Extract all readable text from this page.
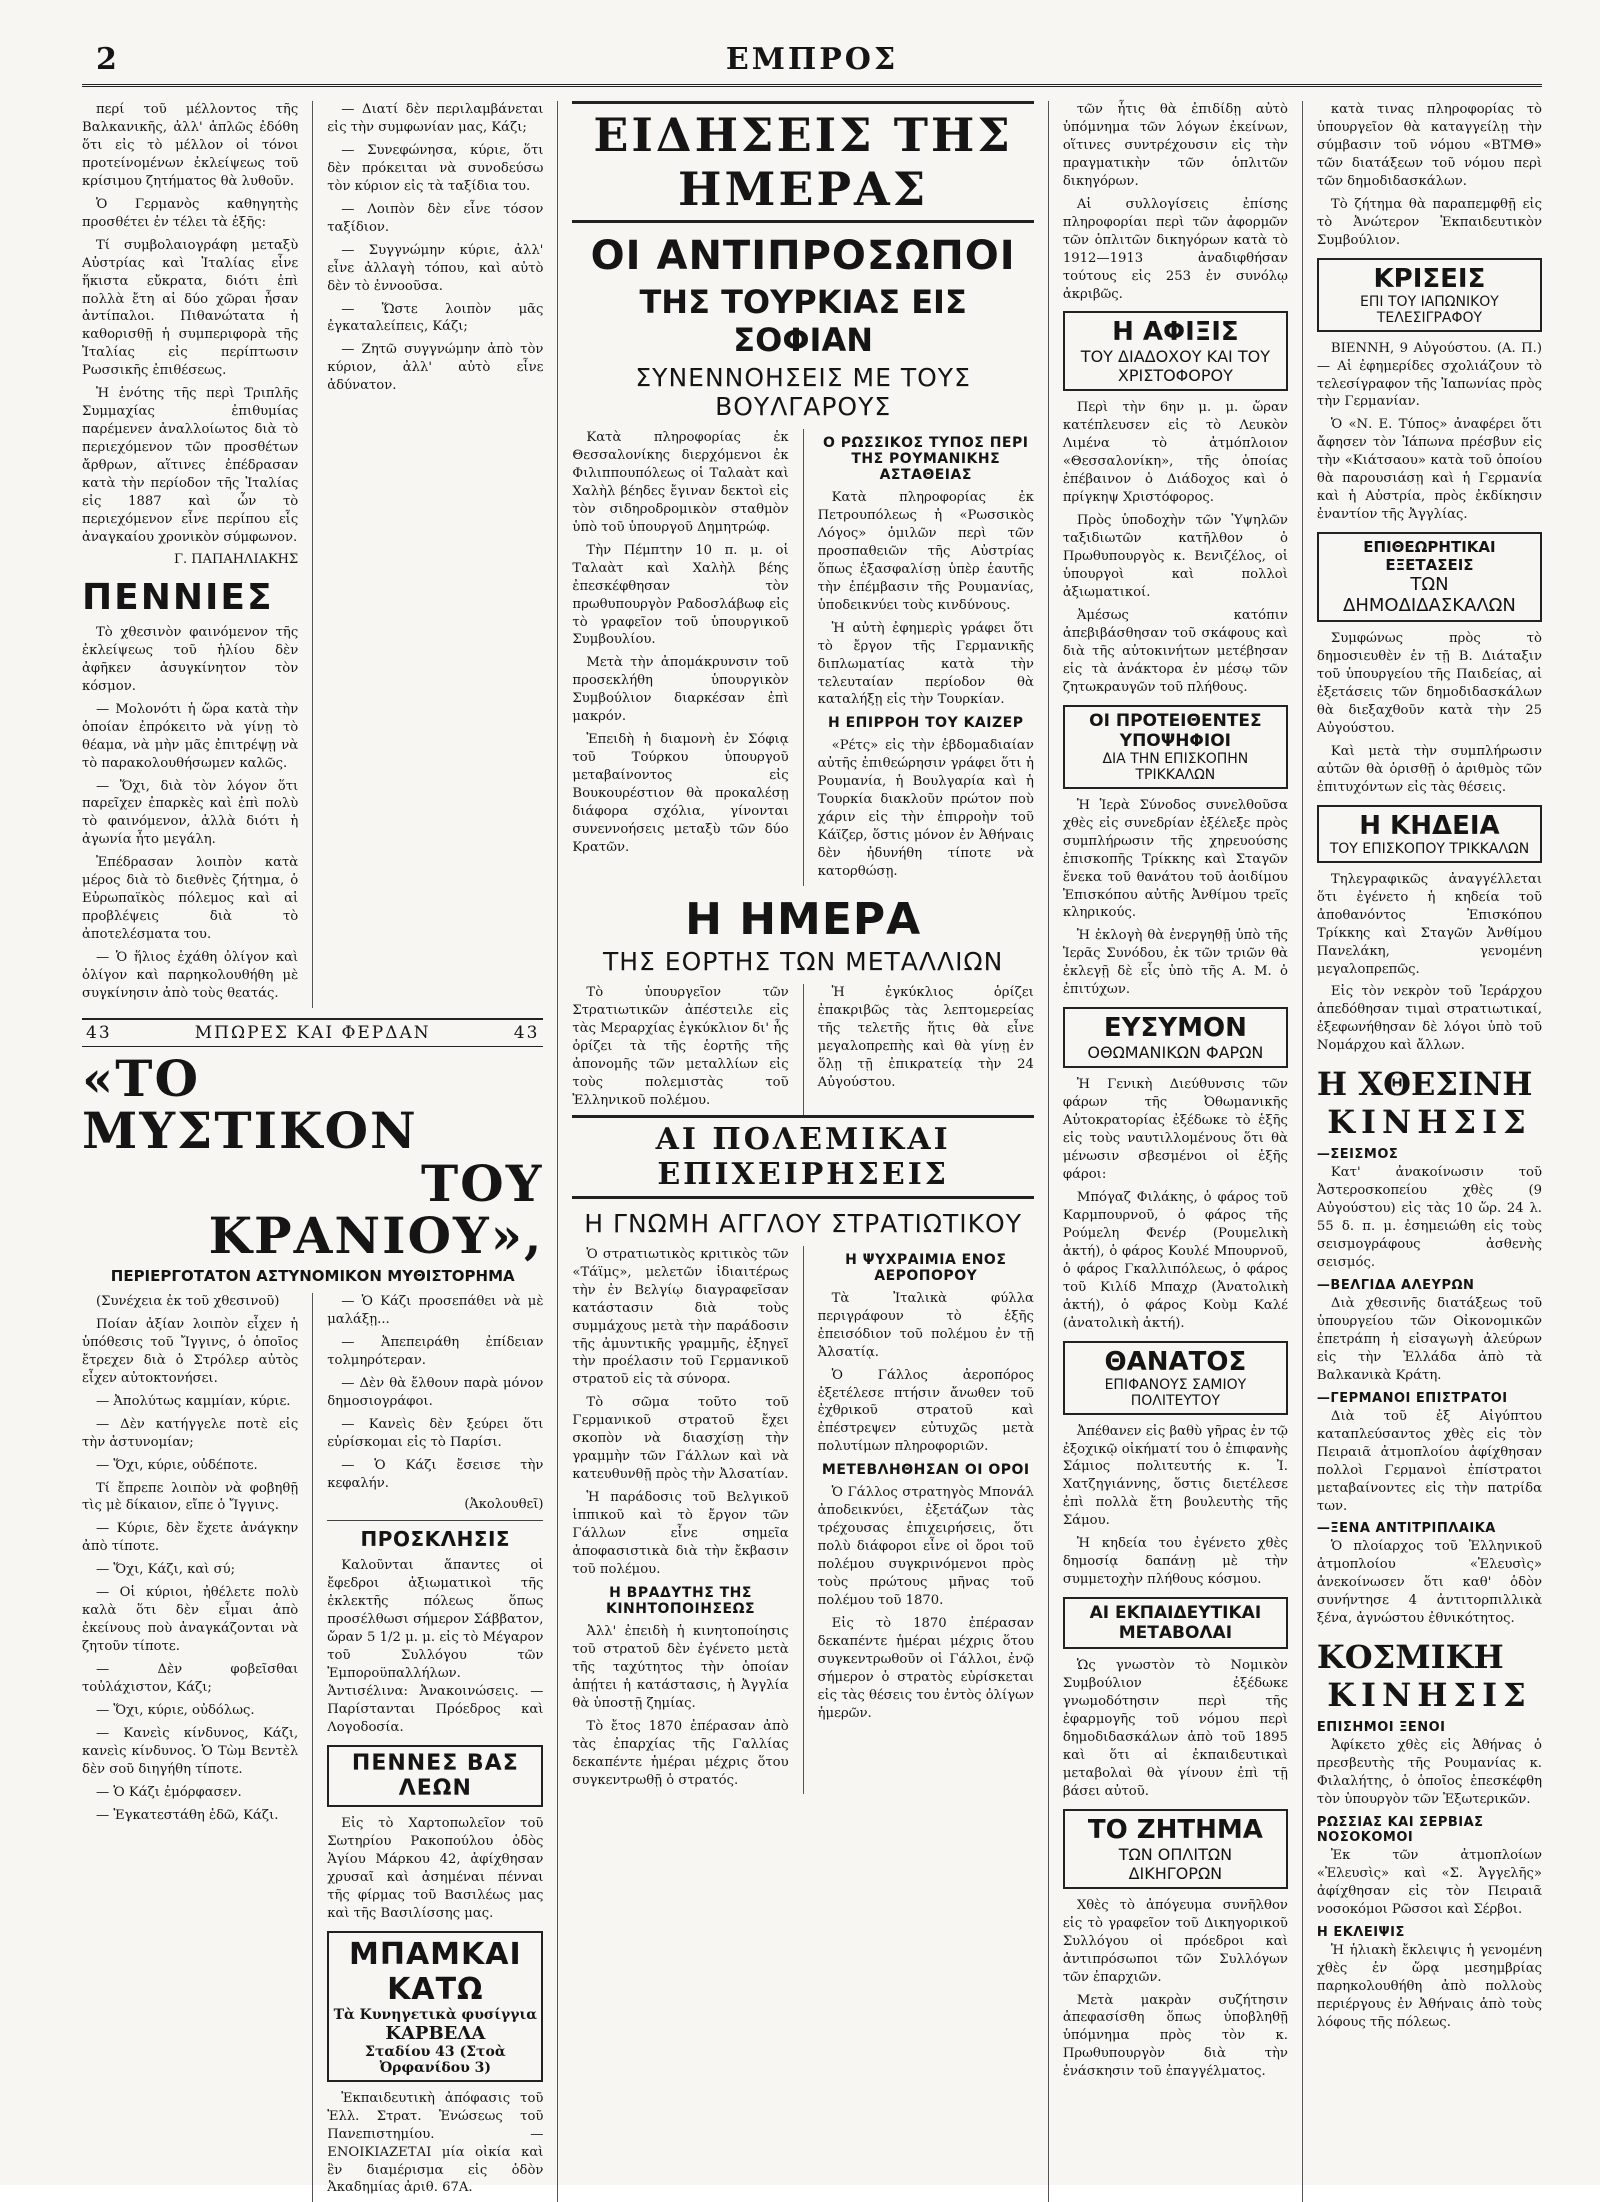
2	ΕΜΠΡΟΣ

περί τοῦ μέλλοντος τῆς Βαλκανικῆς, ἀλλ' ἁπλῶς ἐδόθη ὅτι εἰς τὸ μέλλον οἱ τόνοι προτείνομένων ἐκλείψεως τοῦ κρίσιμου ζητήματος θὰ λυθοῦν.

Ὁ Γερμανὸς καθηγητὴς προσθέτει ἐν τέλει τὰ ἑξῆς:

Τί συμβολαιογράφη μεταξὺ Αὐστρίας καὶ Ἰταλίας εἶνε ἥκιστα εὔκρατα, διότι ἐπὶ πολλὰ ἔτη αἱ δύο χῶραι ἦσαν ἀντίπαλοι. Πιθανώτατα ἡ καθορισθῇ ἡ συμπεριφορὰ τῆς Ἰταλίας εἰς περίπτωσιν Ρωσσικῆς ἐπιθέσεως.

Ἡ ἑνότης τῆς περὶ Τριπλῆς Συμμαχίας ἐπιθυμίας παρέμενεν ἀναλλοίωτος διὰ τὸ περιεχόμενον τῶν προσθέτων ἄρθρων, αἵτινες ἐπέδρασαν κατὰ τὴν περίοδον τῆς Ἰταλίας εἰς 1887 καὶ ὧν τὸ περιεχόμενον εἶνε περίπου εἷς ἀναγκαίου χρονικὸν σύμφωνον.

Γ. ΠΑΠΑΗΛΙΑΚΗΣ
ΠΕΝΝΙΕΣ

Τὸ χθεσινὸν φαινόμενον τῆς ἐκλείψεως τοῦ ἡλίου δὲν ἀφῆκεν ἀσυγκίνητον τὸν κόσμον.

— Μολονότι ἡ ὥρα κατὰ τὴν ὁποίαν ἐπρόκειτο νὰ γίνῃ τὸ θέαμα, νὰ μὴν μᾶς ἐπιτρέψῃ νὰ τὸ παρακολουθήσωμεν καλῶς.

— Ὅχι, διὰ τὸν λόγον ὅτι παρεῖχεν ἐπαρκὲς καὶ ἐπὶ πολὺ τὸ φαινόμενον, ἀλλὰ διότι ἡ ἀγωνία ἦτο μεγάλη.

Ἐπέδρασαν λοιπὸν κατὰ μέρος διὰ τὸ διεθνὲς ζήτημα, ὁ Εὐρωπαϊκὸς πόλεμος καὶ αἱ προβλέψεις διὰ τὸ ἀποτελέσματα του.

— Ὁ ἥλιος ἐχάθη ὀλίγον καὶ ὀλίγον καὶ παρηκολουθήθη μὲ συγκίνησιν ἀπὸ τοὺς θεατάς.

— Διατί δὲν περιλαμβάνεται εἰς τὴν συμφωνίαν μας, Κάζι;

— Συνεφώνησα, κύριε, ὅτι δὲν πρόκειται νὰ συνοδεύσω τὸν κύριον εἰς τὰ ταξίδια του.

— Λοιπὸν δὲν εἶνε τόσον ταξίδιον.

— Συγγνώμην κύριε, ἀλλ' εἶνε ἀλλαγὴ τόπου, καὶ αὐτὸ δὲν τὸ ἐννοοῦσα.

— Ὥστε λοιπὸν μᾶς ἐγκαταλείπεις, Κάζι;

— Ζητῶ συγγνώμην ἀπὸ τὸν κύριον, ἀλλ' αὐτὸ εἶνε ἀδύνατον.

43	ΜΠΩΡΕΣ ΚΑΙ ΦΕΡΔΑΝ	43
«ΤΟ ΜΥΣΤΙΚΟΝ
ΤΟΥ ΚΡΑΝΙΟΥ»,
ΠΕΡΙΕΡΓΟΤΑΤΟΝ ΑΣΤΥΝΟΜΙΚΟΝ ΜΥΘΙΣΤΟΡΗΜΑ

(Συνέχεια ἐκ τοῦ χθεσινοῦ)

Ποίαν ἀξίαν λοιπὸν εἶχεν ἡ ὑπόθεσις τοῦ Ἴγγινς, ὁ ὁποῖος ἔτρεχεν διὰ ὁ Στρόλερ αὐτὸς εἶχεν αὐτοκτονήσει.

— Ἀπολύτως καμμίαν, κύριε.

— Δὲν κατήγγελε ποτὲ εἰς τὴν ἀστυνομίαν;

— Ὅχι, κύριε, οὐδέποτε.

Τί ἔπρεπε λοιπὸν νὰ φοβηθῇ τὶς μὲ δίκαιον, εἴπε ὁ Ἴγγινς.

— Κύριε, δὲν ἔχετε ἀνάγκην ἀπὸ τίποτε.

— Ὅχι, Κάζι, καὶ σύ;

— Οἱ κύριοι, ἠθέλετε πολὺ καλὰ ὅτι δὲν εἶμαι ἀπὸ ἐκείνους ποὺ ἀναγκάζονται νὰ ζητοῦν τίποτε.

— Δὲν φοβεῖσθαι τοὐλάχιστον, Κάζι;

— Ὅχι, κύριε, οὐδόλως.

— Κανεὶς κίνδυνος, Κάζι, κανεὶς κίνδυνος. Ὁ Τὼμ Βεντὲλ δὲν σοῦ διηγήθη τίποτε.

— Ὁ Κάζι ἐμόρφασεν.

— Ἐγκατεστάθη ἐδῶ, Κάζι.

— Ὁ Κάζι προσεπάθει νὰ μὲ μαλάξῃ...

— Ἀπεπειράθη ἐπίδειαν τολμηρότεραν.

— Δὲν θὰ ἔλθουν παρὰ μόνον δημοσιογράφοι.

— Κανεὶς δὲν ξεύρει ὅτι εὑρίσκομαι εἰς τὸ Παρίσι.

— Ὁ Κάζι ἔσεισε τὴν κεφαλήν.

(Ἀκολουθεῖ)
ΠΡΟΣΚΛΗΣΙΣ

Καλοῦνται ἅπαντες οἱ ἔφεδροι ἀξιωματικοὶ τῆς ἐκλεκτῆς πόλεως ὅπως προσέλθωσι σήμερον Σάββατον, ὥραν 5 1/2 μ. μ. εἰς τὸ Μέγαρον τοῦ Συλλόγου τῶν Ἐμποροϋπαλλήλων. Ἀντισέλινα: Ἀνακοινώσεις. — Παρίστανται Πρόεδρος καὶ Λογοδοσία.

ΠΕΝΝΕΣ ΒΑΣ ΛΕΩΝ

Εἰς τὸ Χαρτοπωλεῖον τοῦ Σωτηρίου Ρακοπούλου ὁδὸς Ἁγίου Μάρκου 42, ἀφίχθησαν χρυσαῖ καὶ ἀσημέναι πένναι τῆς φίρμας τοῦ Βασιλέως μας καὶ τῆς Βασιλίσσης μας.

ΜΠΑΜΚΑΙ ΚΑΤΩ
Τὰ Κυνηγετικὰ φυσίγγια
ΚΑΡΒΕΛΑ
Σταδίου 43 (Στοὰ Ὀρφανίδου 3)

Ἐκπαιδευτικὴ ἀπόφασις τοῦ Ἐλλ. Στρατ. Ἑνώσεως τοῦ Πανεπιστημίου. — ΕΝΟΙΚΙΑΖΕΤΑΙ μία οἰκία καὶ ἓν διαμέρισμα εἰς ὁδὸν Ἀκαδημίας ἀριθ. 67Α.

ΕΙΔΗΣΕΙΣ ΤΗΣ ΗΜΕΡΑΣ
ΟΙ ΑΝΤΙΠΡΟΣΩΠΟΙ
ΤΗΣ ΤΟΥΡΚΙΑΣ ΕΙΣ ΣΟΦΙΑΝ
ΣΥΝΕΝΝΟΗΣΕΙΣ ΜΕ ΤΟΥΣ ΒΟΥΛΓΑΡΟΥΣ

Κατὰ πληροφορίας ἐκ Θεσσαλονίκης διερχόμενοι ἐκ Φιλιππουπόλεως οἱ Ταλαὰτ καὶ Χαλὴλ βέηδες ἔγιναν δεκτοὶ εἰς τὸν σιδηροδρομικὸν σταθμὸν ὑπὸ τοῦ ὑπουργοῦ Δημητρώφ.

Τὴν Πέμπτην 10 π. μ. οἱ Ταλαὰτ καὶ Χαλὴλ βέης ἐπεσκέφθησαν τὸν πρωθυπουργὸν Ραδοσλάβωφ εἰς τὸ γραφεῖον τοῦ ὑπουργικοῦ Συμβουλίου.

Μετὰ τὴν ἀπομάκρυνσιν τοῦ προσεκλήθη ὑπουργικὸν Συμβούλιον διαρκέσαν ἐπὶ μακρόν.

Ἐπειδὴ ἡ διαμονὴ ἐν Σόφιᾳ τοῦ Τούρκου ὑπουργοῦ μεταβαίνοντος εἰς Βουκουρέστιον θὰ προκαλέσῃ διάφορα σχόλια, γίνονται συνεννοήσεις μεταξὺ τῶν δύο Κρατῶν.

Ο ΡΩΣΣΙΚΟΣ ΤΥΠΟΣ ΠΕΡΙ ΤΗΣ ΡΟΥΜΑΝΙΚΗΣ ΑΣΤΑΘΕΙΑΣ

Κατὰ πληροφορίας ἐκ Πετρουπόλεως ἡ «Ρωσσικὸς Λόγος» ὁμιλῶν περὶ τῶν προσπαθειῶν τῆς Αὐστρίας ὅπως ἐξασφαλίσῃ ὑπὲρ ἑαυτῆς τὴν ἐπέμβασιν τῆς Ρουμανίας, ὑποδεικνύει τοὺς κινδύνους.

Ἡ αὐτὴ ἐφημερὶς γράφει ὅτι τὸ ἔργον τῆς Γερμανικῆς διπλωματίας κατὰ τὴν τελευταίαν περίοδον θὰ καταλήξῃ εἰς τὴν Τουρκίαν.

Η ΕΠΙΡΡΟΗ ΤΟΥ ΚΑΙΖΕΡ

«Ρέτς» εἰς τὴν ἑβδομαδιαίαν αὐτῆς ἐπιθεώρησιν γράφει ὅτι ἡ Ρουμανία, ἡ Βουλγαρία καὶ ἡ Τουρκία διακλοῦν πρώτον ποὺ χάριν εἰς τὴν ἐπιρροὴν τοῦ Κάϊζερ, ὅστις μόνον ἐν Ἀθήναις δὲν ἠδυνήθη τίποτε νὰ κατορθώσῃ.

Η ΗΜΕΡΑ
ΤΗΣ ΕΟΡΤΗΣ ΤΩΝ ΜΕΤΑΛΛΙΩΝ

Τὸ ὑπουργεῖον τῶν Στρατιωτικῶν ἀπέστειλε εἰς τὰς Μεραρχίας ἐγκύκλιον δι' ἧς ὁρίζει τὰ τῆς ἑορτῆς τῆς ἀπονομῆς τῶν μεταλλίων εἰς τοὺς πολεμιστὰς τοῦ Ἑλληνικοῦ πολέμου.

Ἡ ἐγκύκλιος ὁρίζει ἐπακριβῶς τὰς λεπτομερείας τῆς τελετῆς ἥτις θὰ εἶνε μεγαλοπρεπὴς καὶ θὰ γίνῃ ἐν ὅλῃ τῇ ἐπικρατείᾳ τὴν 24 Αὐγούστου.

ΑΙ ΠΟΛΕΜΙΚΑΙ ΕΠΙΧΕΙΡΗΣΕΙΣ
Η ΓΝΩΜΗ ΑΓΓΛΟΥ ΣΤΡΑΤΙΩΤΙΚΟΥ

Ὁ στρατιωτικὸς κριτικὸς τῶν «Τάϊμς», μελετῶν ἰδιαιτέρως τὴν ἐν Βελγίῳ διαγραφεῖσαν κατάστασιν διὰ τοὺς συμμάχους μετὰ τὴν παράδοσιν τῆς ἀμυντικῆς γραμμῆς, ἐξηγεῖ τὴν προέλασιν τοῦ Γερμανικοῦ στρατοῦ εἰς τὰ σύνορα.

Τὸ σῶμα τοῦτο τοῦ Γερμανικοῦ στρατοῦ ἔχει σκοπὸν νὰ διασχίσῃ τὴν γραμμὴν τῶν Γάλλων καὶ νὰ κατευθυνθῇ πρὸς τὴν Ἀλσατίαν.

Ἡ παράδοσις τοῦ Βελγικοῦ ἱππικοῦ καὶ τὸ ἔργον τῶν Γάλλων εἶνε σημεῖα ἀποφασιστικὰ διὰ τὴν ἔκβασιν τοῦ πολέμου.

Η ΒΡΑΔΥΤΗΣ ΤΗΣ ΚΙΝΗΤΟΠΟΙΗΣΕΩΣ

Ἀλλ' ἐπειδὴ ἡ κινητοποίησις τοῦ στρατοῦ δὲν ἐγένετο μετὰ τῆς ταχύτητος τὴν ὁποίαν ἀπῄτει ἡ κατάστασις, ἡ Ἀγγλία θὰ ὑποστῇ ζημίας.

Τὸ ἔτος 1870 ἐπέρασαν ἀπὸ τὰς ἐπαρχίας τῆς Γαλλίας δεκαπέντε ἡμέραι μέχρις ὅτου συγκεντρωθῇ ὁ στρατός.

Η ΨΥΧΡΑΙΜΙΑ ΕΝΟΣ ΑΕΡΟΠΟΡΟΥ

Τὰ Ἰταλικὰ φύλλα περιγράφουν τὸ ἑξῆς ἐπεισόδιον τοῦ πολέμου ἐν τῇ Ἀλσατίᾳ.

Ὁ Γάλλος ἀεροπόρος ἐξετέλεσε πτήσιν ἄνωθεν τοῦ ἐχθρικοῦ στρατοῦ καὶ ἐπέστρεψεν εὐτυχῶς μετὰ πολυτίμων πληροφοριῶν.

ΜΕΤΕΒΛΗΘΗΣΑΝ ΟΙ ΟΡΟΙ

Ὁ Γάλλος στρατηγὸς Μπονάλ ἀποδεικνύει, ἐξετάζων τὰς τρέχουσας ἐπιχειρήσεις, ὅτι πολὺ διάφοροι εἶνε οἱ ὅροι τοῦ πολέμου συγκρινόμενοι πρὸς τοὺς πρώτους μῆνας τοῦ πολέμου τοῦ 1870.

Εἰς τὸ 1870 ἐπέρασαν δεκαπέντε ἡμέραι μέχρις ὅτου συγκεντρωθοῦν οἱ Γάλλοι, ἐνῷ σήμερον ὁ στρατὸς εὑρίσκεται εἰς τὰς θέσεις του ἐντὸς ὀλίγων ἡμερῶν.

τῶν ἧτις θὰ ἐπιδίδῃ αὐτὸ ὑπόμνημα τῶν λόγων ἐκείνων, οἵτινες συντρέχουσιν εἰς τὴν πραγματικὴν τῶν ὁπλιτῶν δικηγόρων.

Αἱ συλλογίσεις ἐπίσης πληροφορίαι περὶ τῶν ἀφορμῶν τῶν ὁπλιτῶν δικηγόρων κατὰ τὸ 1912—1913 ἀναδιφθήσαν τούτους εἰς 253 ἐν συνόλῳ ἀκριβῶς.

Η ΑΦΙΞΙΣ
ΤΟΥ ΔΙΑΔΟΧΟΥ ΚΑΙ ΤΟΥ ΧΡΙΣΤΟΦΟΡΟΥ

Περὶ τὴν 6ην μ. μ. ὥραν κατέπλευσεν εἰς τὸ Λευκὸν Λιμένα τὸ ἀτμόπλοιον «Θεσσαλονίκη», τῆς ὁποίας ἐπέβαινον ὁ Διάδοχος καὶ ὁ πρίγκηψ Χριστόφορος.

Πρὸς ὑποδοχὴν τῶν Ὑψηλῶν ταξιδιωτῶν κατῆλθον ὁ Πρωθυπουργὸς κ. Βενιζέλος, οἱ ὑπουργοὶ καὶ πολλοὶ ἀξιωματικοί.

Ἀμέσως κατόπιν ἀπεβιβάσθησαν τοῦ σκάφους καὶ διὰ τῆς αὐτοκινήτων μετέβησαν εἰς τὰ ἀνάκτορα ἐν μέσῳ τῶν ζητωκραυγῶν τοῦ πλήθους.

ΟΙ ΠΡΟΤΕΙΘΕΝΤΕΣ ΥΠΟΨΗΦΙΟΙ
ΔΙΑ ΤΗΝ ΕΠΙΣΚΟΠΗΝ ΤΡΙΚΚΑΛΩΝ

Ἡ Ἱερὰ Σύνοδος συνελθοῦσα χθὲς εἰς συνεδρίαν ἐξέλεξε πρὸς συμπλήρωσιν τῆς χηρευούσης ἐπισκοπῆς Τρίκκης καὶ Σταγῶν ἕνεκα τοῦ θανάτου τοῦ ἀοιδίμου Ἐπισκόπου αὐτῆς Ἀνθίμου τρεῖς κληρικούς.

Ἡ ἐκλογὴ θὰ ἐνεργηθῇ ὑπὸ τῆς Ἱερᾶς Συνόδου, ἐκ τῶν τριῶν θὰ ἐκλεγῇ δὲ εἷς ὑπὸ τῆς Α. Μ. ὁ ἐπιτύχων.

ΕΥΣΥΜΟΝ
ΟΘΩΜΑΝΙΚΩΝ ΦΑΡΩΝ

Ἡ Γενικὴ Διεύθυνσις τῶν φάρων τῆς Ὀθωμανικῆς Αὐτοκρατορίας ἐξέδωκε τὸ ἑξῆς εἰς τοὺς ναυτιλλομένους ὅτι θὰ μένωσιν σβεσμένοι οἱ ἑξῆς φάροι:

Μπόγαζ Φιλάκης, ὁ φάρος τοῦ Καρμπουρνοῦ, ὁ φάρος τῆς Ρούμελη Φενέρ (Ρουμελικὴ ἀκτή), ὁ φάρος Κουλέ Μπουρνοῦ, ὁ φάρος Γκαλλιπόλεως, ὁ φάρος τοῦ Κιλίδ Μπαχρ (Ἀνατολικὴ ἀκτή), ὁ φάρος Κοὺμ Καλέ (ἀνατολικὴ ἀκτή).

ΘΑΝΑΤΟΣ
ΕΠΙΦΑΝΟΥΣ ΣΑΜΙΟΥ ΠΟΛΙΤΕΥΤΟΥ

Ἀπέθανεν εἰς βαθὺ γῆρας ἐν τῷ ἐξοχικῷ οἰκήματί του ὁ ἐπιφανὴς Σάμιος πολιτευτής κ. Ἰ. Χατζηγιάννης, ὅστις διετέλεσε ἐπὶ πολλὰ ἔτη βουλευτὴς τῆς Σάμου.

Ἡ κηδεία του ἐγένετο χθὲς δημοσίᾳ δαπάνῃ μὲ τὴν συμμετοχὴν πλήθους κόσμου.

ΑΙ ΕΚΠΑΙΔΕΥΤΙΚΑΙ ΜΕΤΑΒΟΛΑΙ

Ὡς γνωστὸν τὸ Νομικὸν Συμβούλιον ἐξέδωκε γνωμοδότησιν περὶ τῆς ἐφαρμογῆς τοῦ νόμου περὶ δημοδιδασκάλων ἀπὸ τοῦ 1895 καὶ ὅτι αἱ ἐκπαιδευτικαὶ μεταβολαὶ θὰ γίνουν ἐπὶ τῇ βάσει αὐτοῦ.

ΤΟ ΖΗΤΗΜΑ
ΤΩΝ ΟΠΛΙΤΩΝ ΔΙΚΗΓΟΡΩΝ

Χθὲς τὸ ἀπόγευμα συνῆλθον εἰς τὸ γραφεῖον τοῦ Δικηγορικοῦ Συλλόγου οἱ πρόεδροι καὶ ἀντιπρόσωποι τῶν Συλλόγων τῶν ἐπαρχιῶν.

Μετὰ μακρὰν συζήτησιν ἀπεφασίσθη ὅπως ὑποβληθῇ ὑπόμνημα πρὸς τὸν κ. Πρωθυπουργὸν διὰ τὴν ἐνάσκησιν τοῦ ἐπαγγέλματος.

κατὰ τινας πληροφορίας τὸ ὑπουργεῖον θὰ καταγγείλῃ τὴν σύμβασιν τοῦ νόμου «ΒΤΜΘ» τῶν διατάξεων τοῦ νόμου περὶ τῶν δημοδιδασκάλων.

Τὸ ζήτημα θὰ παραπεμφθῇ εἰς τὸ Ἀνώτερον Ἐκπαιδευτικὸν Συμβούλιον.

ΚΡΙΣΕΙΣ
ΕΠΙ ΤΟΥ ΙΑΠΩΝΙΚΟΥ ΤΕΛΕΣΙΓΡΑΦΟΥ

ΒΙΕΝΝΗ, 9 Αὐγούστου. (Α. Π.) — Αἱ ἐφημερίδες σχολιάζουν τὸ τελεσίγραφον τῆς Ἰαπωνίας πρὸς τὴν Γερμανίαν.

Ὁ «Ν. Ε. Τύπος» ἀναφέρει ὅτι ἄφησεν τὸν Ἰάπωνα πρέσβυν εἰς τὴν «Κιάτσαου» κατὰ τοῦ ὁποίου θὰ παρουσιάσῃ καὶ ἡ Γερμανία καὶ ἡ Αὐστρία, πρὸς ἐκδίκησιν ἐναντίον τῆς Ἀγγλίας.

ΕΠΙΘΕΩΡΗΤΙΚΑΙ ΕΞΕΤΑΣΕΙΣ
ΤΩΝ ΔΗΜΟΔΙΔΑΣΚΑΛΩΝ

Συμφώνως πρὸς τὸ δημοσιευθὲν ἐν τῇ Β. Διάταξιν τοῦ ὑπουργείου τῆς Παιδείας, αἱ ἐξετάσεις τῶν δημοδιδασκάλων θὰ διεξαχθοῦν κατὰ τὴν 25 Αὐγούστου.

Καὶ μετὰ τὴν συμπλήρωσιν αὐτῶν θὰ ὁρισθῇ ὁ ἀριθμὸς τῶν ἐπιτυχόντων εἰς τὰς θέσεις.

Η ΚΗΔΕΙΑ
ΤΟΥ ΕΠΙΣΚΟΠΟΥ ΤΡΙΚΚΑΛΩΝ

Τηλεγραφικῶς ἀναγγέλλεται ὅτι ἐγένετο ἡ κηδεία τοῦ ἀποθανόντος Ἐπισκόπου Τρίκκης καὶ Σταγῶν Ἀνθίμου Πανελάκη, γενομένη μεγαλοπρεπῶς.

Εἰς τὸν νεκρὸν τοῦ Ἱεράρχου ἀπεδόθησαν τιμαὶ στρατιωτικαί, ἐξεφωνήθησαν δὲ λόγοι ὑπὸ τοῦ Νομάρχου καὶ ἄλλων.

Η ΧΘΕΣΙΝΗ
ΚΙΝΗΣΙΣ
—ΣΕΙΣΜΟΣ

Κατ' ἀνακοίνωσιν τοῦ Ἀστεροσκοπείου χθὲς (9 Αὐγούστου) εἰς τὰς 10 ὥρ. 24 λ. 55 δ. π. μ. ἐσημειώθη εἰς τοὺς σεισμογράφους ἀσθενὴς σεισμός.

—ΒΕΛΓΙΔΑ ΑΛΕΥΡΩΝ

Διὰ χθεσινῆς διατάξεως τοῦ ὑπουργείου τῶν Οἰκονομικῶν ἐπετράπη ἡ εἰσαγωγὴ ἀλεύρων εἰς τὴν Ἑλλάδα ἀπὸ τὰ Βαλκανικὰ Κράτη.

—ΓΕΡΜΑΝΟΙ ΕΠΙΣΤΡΑΤΟΙ

Διὰ τοῦ ἐξ Αἰγύπτου καταπλεύσαντος χθὲς εἰς τὸν Πειραιᾶ ἀτμοπλοίου ἀφίχθησαν πολλοὶ Γερμανοὶ ἐπίστρατοι μεταβαίνοντες εἰς τὴν πατρίδα των.

—ΞΕΝΑ ΑΝΤΙΤΡΙΠΛΑΙΚΑ

Ὁ πλοίαρχος τοῦ Ἑλληνικοῦ ἀτμοπλοίου «Ἐλευσὶς» ἀνεκοίνωσεν ὅτι καθ' ὁδὸν συνήντησε 4 ἀντιτορπιλλικὰ ξένα, ἀγνώστου ἐθνικότητος.

ΚΟΣΜΙΚΗ
ΚΙΝΗΣΙΣ
ΕΠΙΣΗΜΟΙ ΞΕΝΟΙ

Ἀφίκετο χθὲς εἰς Ἀθήνας ὁ πρεσβευτὴς τῆς Ρουμανίας κ. Φιλαλήτης, ὁ ὁποῖος ἐπεσκέφθη τὸν ὑπουργὸν τῶν Ἐξωτερικῶν.

ΡΩΣΣΙΑΣ ΚΑΙ ΣΕΡΒΙΑΣ ΝΟΣΟΚΟΜΟΙ

Ἐκ τῶν ἀτμοπλοίων «Ἐλευσὶς» καὶ «Σ. Ἀγγελῆς» ἀφίχθησαν εἰς τὸν Πειραιᾶ νοσοκόμοι Ρῶσσοι καὶ Σέρβοι.

Η ΕΚΛΕΙΨΙΣ

Ἡ ἡλιακὴ ἔκλειψις ἡ γενομένη χθὲς ἐν ὥρᾳ μεσημβρίας παρηκολουθήθη ἀπὸ πολλοὺς περιέργους ἐν Ἀθήναις ἀπὸ τοὺς λόφους τῆς πόλεως.
